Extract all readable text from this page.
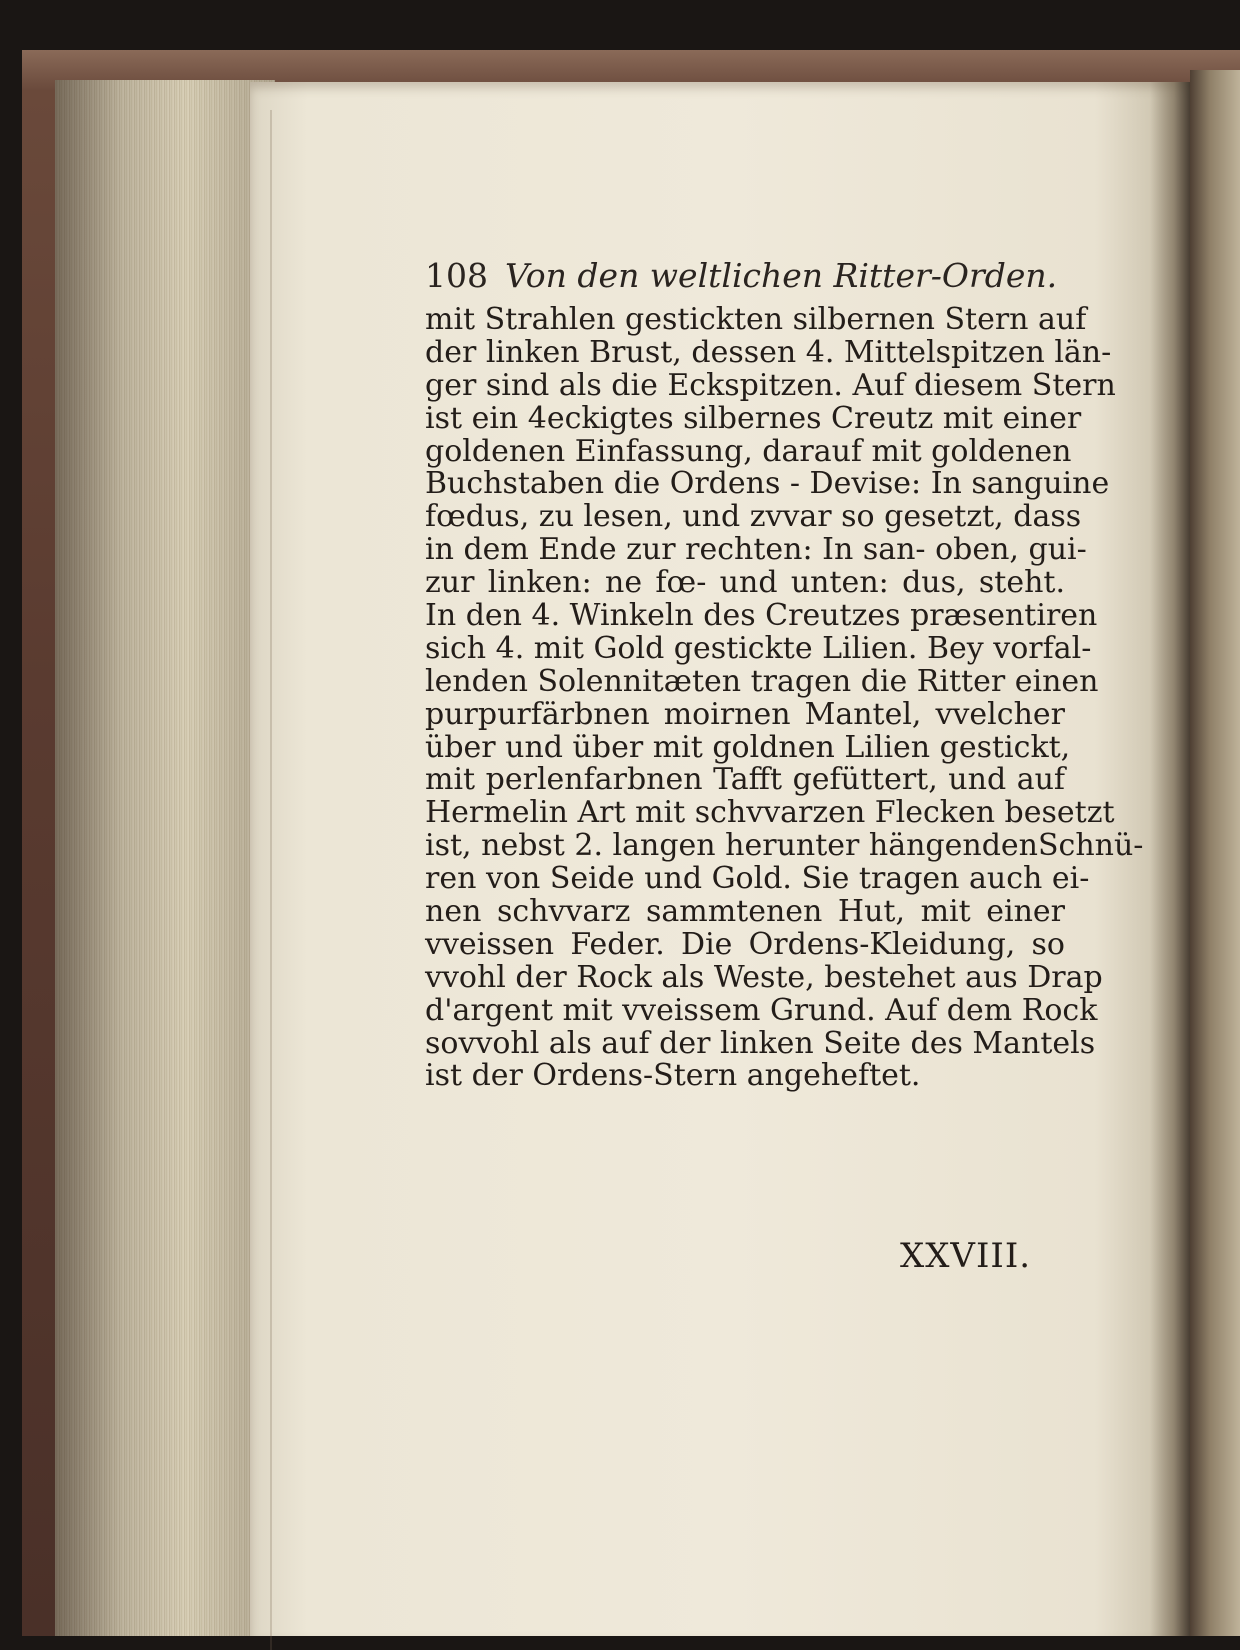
108 Von den weltlichen Ritter-Orden.
mit Strahlen gestickten silbernen Stern auf
der linken Brust, dessen 4. Mittelspitzen län-
ger sind als die Eckspitzen. Auf diesem Stern
ist ein 4eckigtes silbernes Creutz mit einer
goldenen Einfassung, darauf mit goldenen
Buchstaben die Ordens - Devise: In sanguine
fœdus, zu lesen, und zvvar so gesetzt, dass
in dem Ende zur rechten: In san- oben, gui-
zur linken: ne fœ- und unten: dus, steht.
In den 4. Winkeln des Creutzes præsentiren
sich 4. mit Gold gestickte Lilien. Bey vorfal-
lenden Solennitæten tragen die Ritter einen
purpurfärbnen moirnen Mantel, vvelcher
über und über mit goldnen Lilien gestickt,
mit perlenfarbnen Tafft gefüttert, und auf
Hermelin Art mit schvvarzen Flecken besetzt
ist, nebst 2. langen herunter hängendenSchnü-
ren von Seide und Gold. Sie tragen auch ei-
nen schvvarz sammtenen Hut, mit einer
vveissen Feder. Die Ordens-Kleidung, so
vvohl der Rock als Weste, bestehet aus Drap
d'argent mit vveissem Grund. Auf dem Rock
sovvohl als auf der linken Seite des Mantels
ist der Ordens-Stern angeheftet.
XXVIII.
